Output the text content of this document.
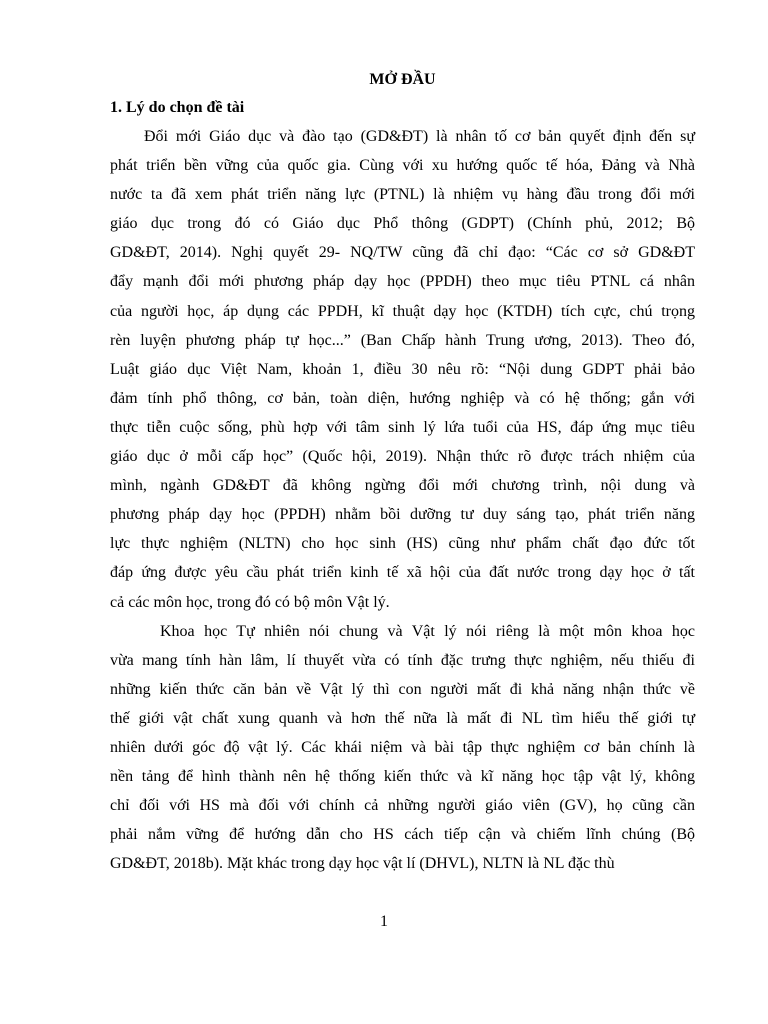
MỞ ĐẦU
1. Lý do chọn đề tài
Đổi mới Giáo dục và đào tạo (GD&ĐT) là nhân tố cơ bản quyết định đến sự
phát triển bền vững của quốc gia. Cùng với xu hướng quốc tế hóa, Đảng và Nhà
nước ta đã xem phát triển năng lực (PTNL) là nhiệm vụ hàng đầu trong đổi mới
giáo dục trong đó có Giáo dục Phổ thông (GDPT) (Chính phủ, 2012; Bộ
GD&ĐT, 2014). Nghị quyết 29- NQ/TW cũng đã chỉ đạo: “Các cơ sở GD&ĐT
đẩy mạnh đổi mới phương pháp dạy học (PPDH) theo mục tiêu PTNL cá nhân
của người học, áp dụng các PPDH, kĩ thuật dạy học (KTDH) tích cực, chú trọng
rèn luyện phương pháp tự học...” (Ban Chấp hành Trung ương, 2013). Theo đó,
Luật giáo dục Việt Nam, khoản 1, điều 30 nêu rõ: “Nội dung GDPT phải bảo
đảm tính phổ thông, cơ bản, toàn diện, hướng nghiệp và có hệ thống; gắn với
thực tiễn cuộc sống, phù hợp với tâm sinh lý lứa tuổi của HS, đáp ứng mục tiêu
giáo dục ở mỗi cấp học” (Quốc hội, 2019). Nhận thức rõ được trách nhiệm của
mình, ngành GD&ĐT đã không ngừng đổi mới chương trình, nội dung và
phương pháp dạy học (PPDH) nhằm bồi dưỡng tư duy sáng tạo, phát triển năng
lực thực nghiệm (NLTN) cho học sinh (HS) cũng như phẩm chất đạo đức tốt
đáp ứng được yêu cầu phát triển kinh tế xã hội của đất nước trong dạy học ở tất
cả các môn học, trong đó có bộ môn Vật lý.
Khoa học Tự nhiên nói chung và Vật lý nói riêng là một môn khoa học
vừa mang tính hàn lâm, lí thuyết vừa có tính đặc trưng thực nghiệm, nếu thiếu đi
những kiến thức căn bản về Vật lý thì con người mất đi khả năng nhận thức về
thế giới vật chất xung quanh và hơn thế nữa là mất đi NL tìm hiểu thế giới tự
nhiên dưới góc độ vật lý. Các khái niệm và bài tập thực nghiệm cơ bản chính là
nền tảng để hình thành nên hệ thống kiến thức và kĩ năng học tập vật lý, không
chỉ đối với HS mà đối với chính cả những người giáo viên (GV), họ cũng cần
phải nắm vững để hướng dẫn cho HS cách tiếp cận và chiếm lĩnh chúng (Bộ
GD&ĐT, 2018b). Mặt khác trong dạy học vật lí (DHVL), NLTN là NL đặc thù
1
